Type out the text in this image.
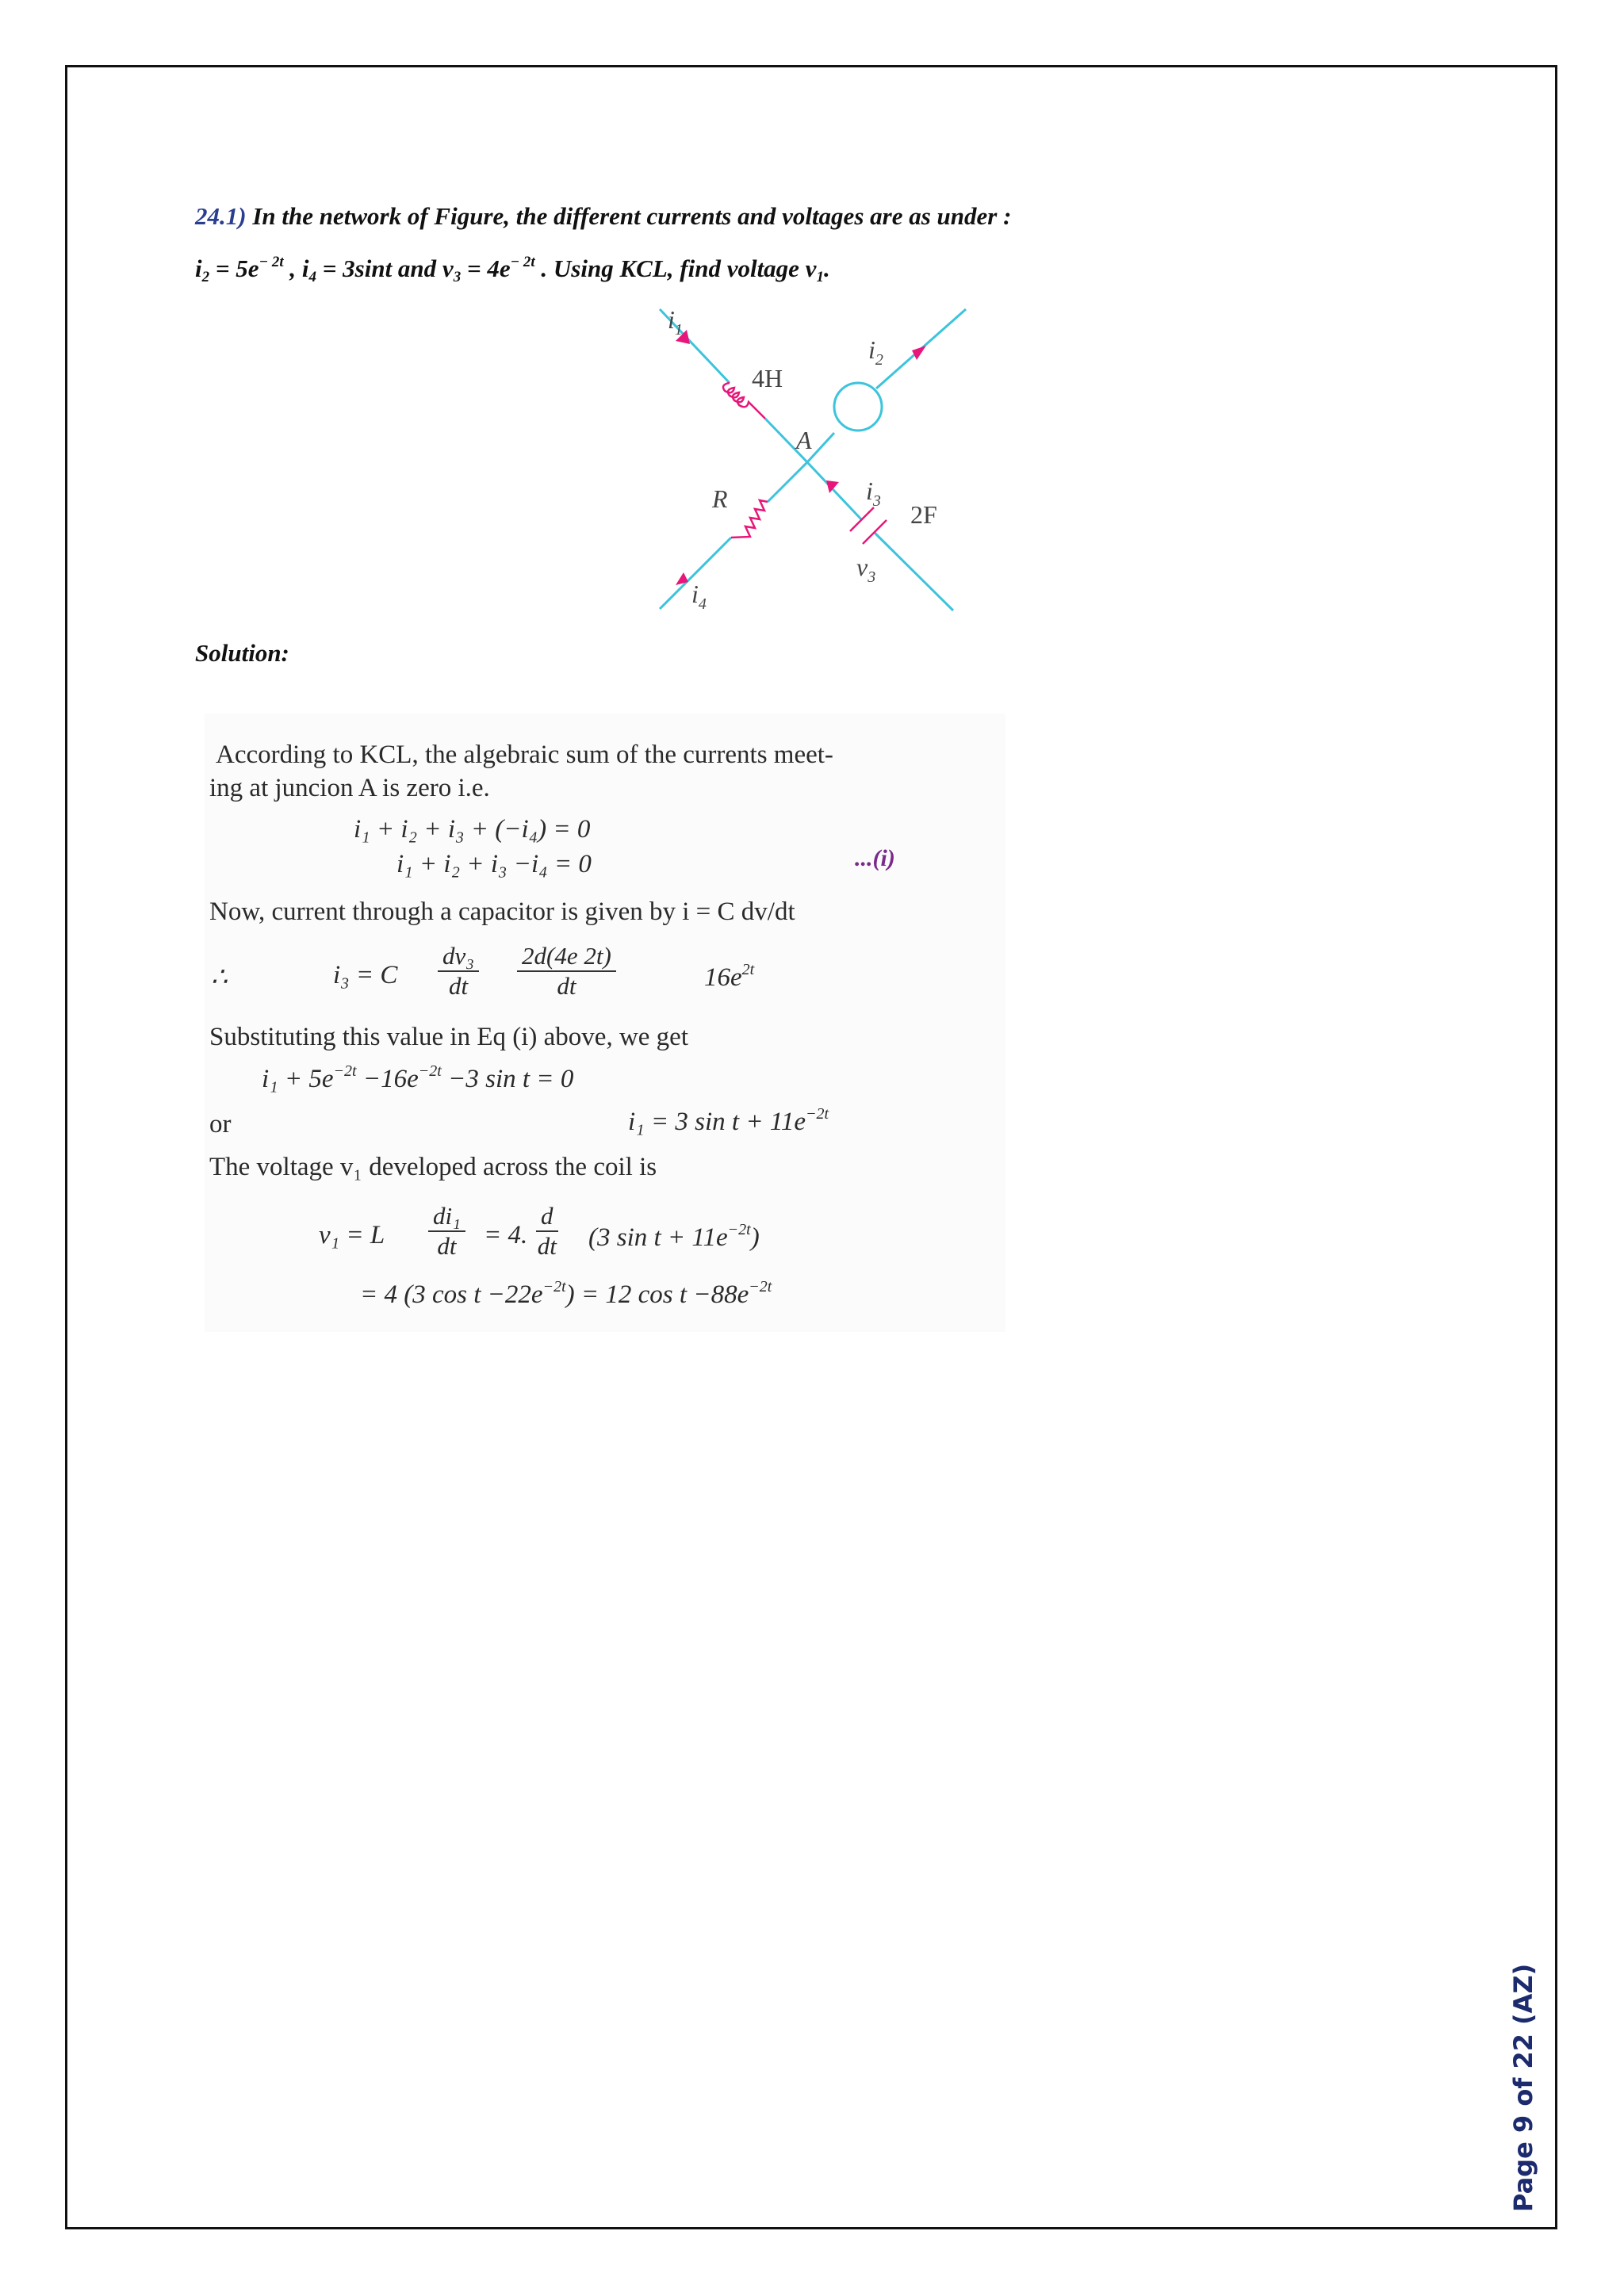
24.1) In the network of Figure, the different currents and voltages are as under :
$i_2 = 5e^{- 2t}$ , $i_4 = 3\sin t$ and $v_3 = 4e^{- 2t}$ . Using KCL, find voltage $v_1$.
$i_1$
$i_2$
4H
A
R	$i_3$ 2F
$v_3$
$i_4$
Solution:
According to KCL, the algebraic sum of the currents meet-
ing at juncion A is zero i.e.
i₁ + i₂ + i₃ + (−i₄) = 0
i₁ + i₂ + i₃ −i₄ = 0	...(i)
Now, current through a capacitor is given by i = C dv/dt
∴	i₃ = C $\frac{\text{dv₃}}{dt} \frac{2d(4e 2t)}{dt}$	$16e^{2t}$
Substituting this value in Eq (i) above, we get
$i_1 + 5e^{-2t} -16e^{-2t} -3$ sin t = 0
or	i₁ = 3 $\sin t + 11e^{-2t}$
The voltage v₁ developed across the coil is
v₁ = L $\frac{\text{di₁}}{dt} = 4$. $\frac{d}{dt} (3$ $\sin t + 11e^{-2t}$)
= 4 (3 $\cos t -22e^{-2t}) = 12$ $\cos t -88e^{-2t}$
Page 9 of 22 (AZ)
